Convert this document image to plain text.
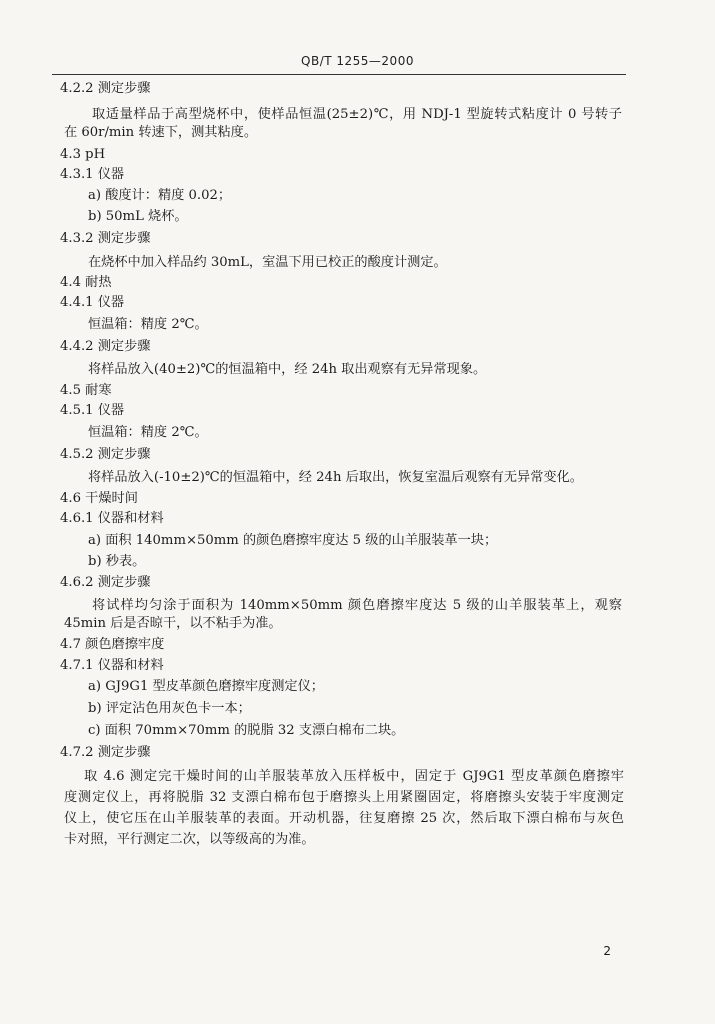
QB/T 1255—2000
4.2.2 测定步骤
取适量样品于高型烧杯中，使样品恒温(25±2)℃，用 NDJ-1 型旋转式粘度计 0 号转子
在 60r/min 转速下，测其粘度。
4.3 pH
4.3.1 仪器
a) 酸度计：精度 0.02；
b) 50mL 烧杯。
4.3.2 测定步骤
在烧杯中加入样品约 30mL，室温下用已校正的酸度计测定。
4.4 耐热
4.4.1 仪器
恒温箱：精度 2℃。
4.4.2 测定步骤
将样品放入(40±2)℃的恒温箱中，经 24h 取出观察有无异常现象。
4.5 耐寒
4.5.1 仪器
恒温箱：精度 2℃。
4.5.2 测定步骤
将样品放入(-10±2)℃的恒温箱中，经 24h 后取出，恢复室温后观察有无异常变化。
4.6 干燥时间
4.6.1 仪器和材料
a) 面积 140mm×50mm 的颜色磨擦牢度达 5 级的山羊服装革一块；
b) 秒表。
4.6.2 测定步骤
将试样均匀涂于面积为 140mm×50mm 颜色磨擦牢度达 5 级的山羊服装革上，观察
45min 后是否晾干，以不粘手为准。
4.7 颜色磨擦牢度
4.7.1 仪器和材料
a) GJ9G1 型皮革颜色磨擦牢度测定仪；
b) 评定沾色用灰色卡一本；
c) 面积 70mm×70mm 的脱脂 32 支漂白棉布二块。
4.7.2 测定步骤
取 4.6 测定完干燥时间的山羊服装革放入压样板中，固定于 GJ9G1 型皮革颜色磨擦牢
度测定仪上，再将脱脂 32 支漂白棉布包于磨擦头上用紧圈固定，将磨擦头安装于牢度测定
仪上，使它压在山羊服装革的表面。开动机器，往复磨擦 25 次，然后取下漂白棉布与灰色
卡对照，平行测定二次，以等级高的为准。
2
